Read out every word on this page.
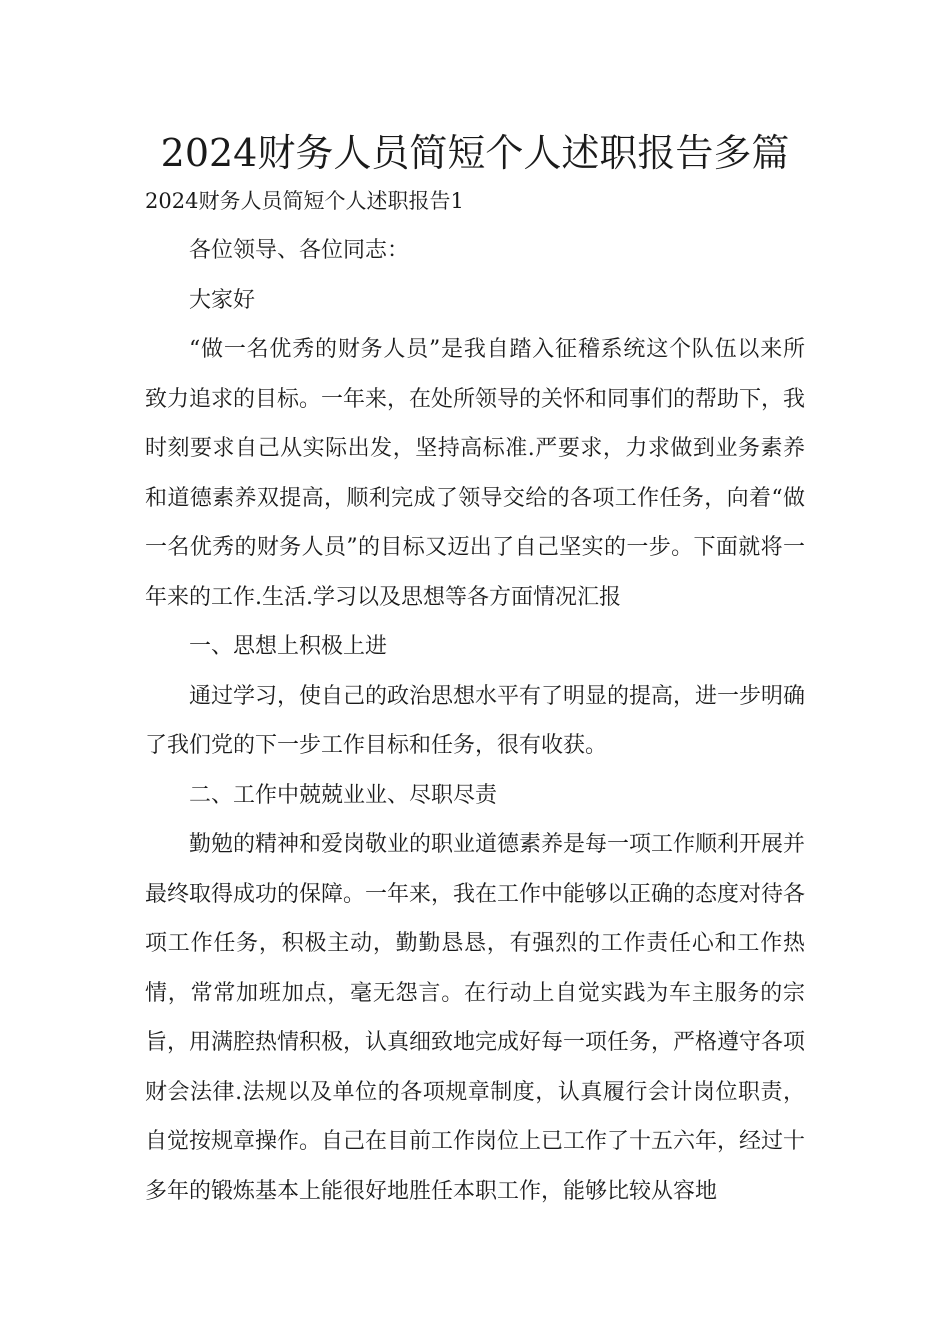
2024财务人员简短个人述职报告多篇

2024财务人员简短个人述职报告1

各位领导、各位同志：

大家好

“做一名优秀的财务人员”是我自踏入征稽系统这个队伍以来所致力追求的目标。一年来，在处所领导的关怀和同事们的帮助下，我时刻要求自己从实际出发，坚持高标准.严要求，力求做到业务素养和道德素养双提高，顺利完成了领导交给的各项工作任务，向着“做一名优秀的财务人员”的目标又迈出了自己坚实的一步。下面就将一年来的工作.生活.学习以及思想等各方面情况汇报

一、思想上积极上进

通过学习，使自己的政治思想水平有了明显的提高，进一步明确了我们党的下一步工作目标和任务，很有收获。

二、工作中兢兢业业、尽职尽责

勤勉的精神和爱岗敬业的职业道德素养是每一项工作顺利开展并最终取得成功的保障。一年来，我在工作中能够以正确的态度对待各项工作任务，积极主动，勤勤恳恳，有强烈的工作责任心和工作热情，常常加班加点，毫无怨言。在行动上自觉实践为车主服务的宗旨，用满腔热情积极，认真细致地完成好每一项任务，严格遵守各项财会法律.法规以及单位的各项规章制度，认真履行会计岗位职责，自觉按规章操作。自己在目前工作岗位上已工作了十五六年，经过十多年的锻炼基本上能很好地胜任本职工作，能够比较从容地
